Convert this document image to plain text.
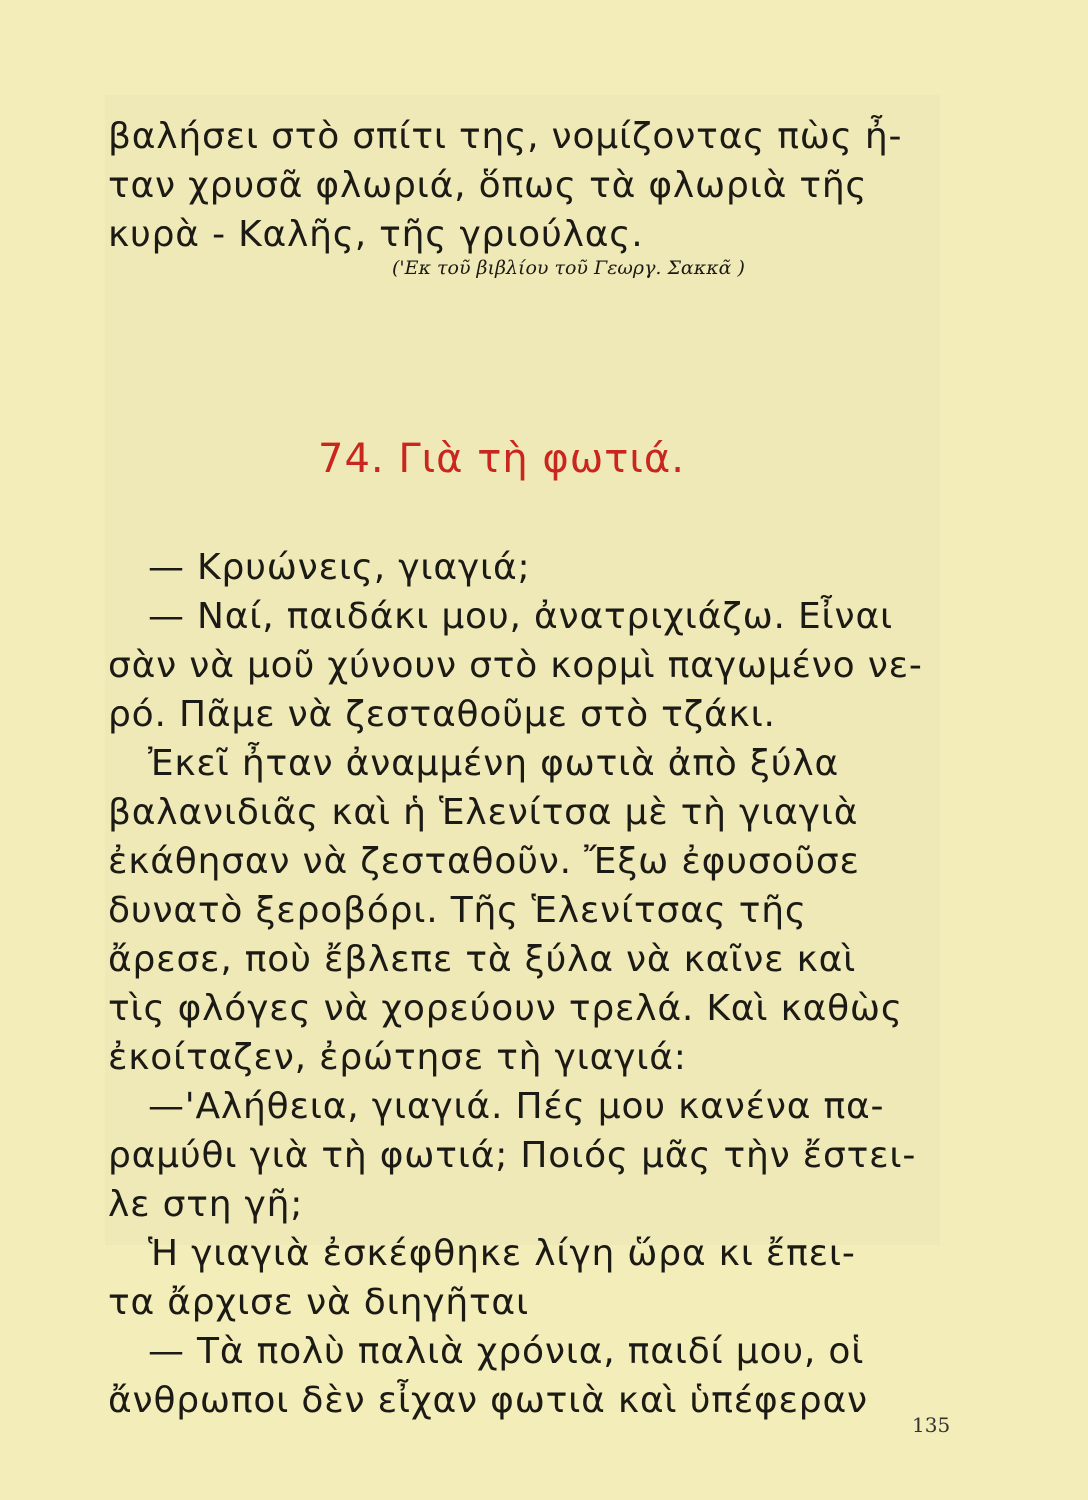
βαλήσει στὸ σπίτι της, νομίζοντας πὼς ἦ-
ταν χρυσᾶ φλωριά, ὅπως τὰ φλωριὰ τῆς
κυρὰ - Καλῆς, τῆς γριούλας.
('Εκ τοῦ βιβλίου τοῦ Γεωργ. Σακκᾶ )
74. Γιὰ τὴ φωτιά.
— Κρυώνεις, γιαγιά;
— Ναί, παιδάκι μου, ἀνατριχιάζω. Εἶναι
σὰν νὰ μοῦ χύνουν στὸ κορμὶ παγωμένο νε-
ρό. Πᾶμε νὰ ζεσταθοῦμε στὸ τζάκι.
Ἐκεῖ ἦταν ἀναμμένη φωτιὰ ἀπὸ ξύλα
βαλανιδιᾶς καὶ ἡ Ἑλενίτσα μὲ τὴ γιαγιὰ
ἐκάθησαν νὰ ζεσταθοῦν. Ἔξω ἐφυσοῦσε
δυνατὸ ξεροβόρι. Τῆς Ἑλενίτσας τῆς
ἄρεσε, ποὺ ἔβλεπε τὰ ξύλα νὰ καῖνε καὶ
τὶς φλόγες νὰ χορεύουν τρελά. Καὶ καθὼς
ἐκοίταζεν, ἐρώτησε τὴ γιαγιά:
—'Αλήθεια, γιαγιά. Πές μου κανένα πα-
ραμύθι γιὰ τὴ φωτιά; Ποιός μᾶς τὴν ἔστει-
λε στη γῆ;
Ἡ γιαγιὰ ἐσκέφθηκε λίγη ὥρα κι ἔπει-
τα ἄρχισε νὰ διηγῆται
— Τὰ πολὺ παλιὰ χρόνια, παιδί μου, οἱ
ἄνθρωποι δὲν εἶχαν φωτιὰ καὶ ὑπέφεραν
135
